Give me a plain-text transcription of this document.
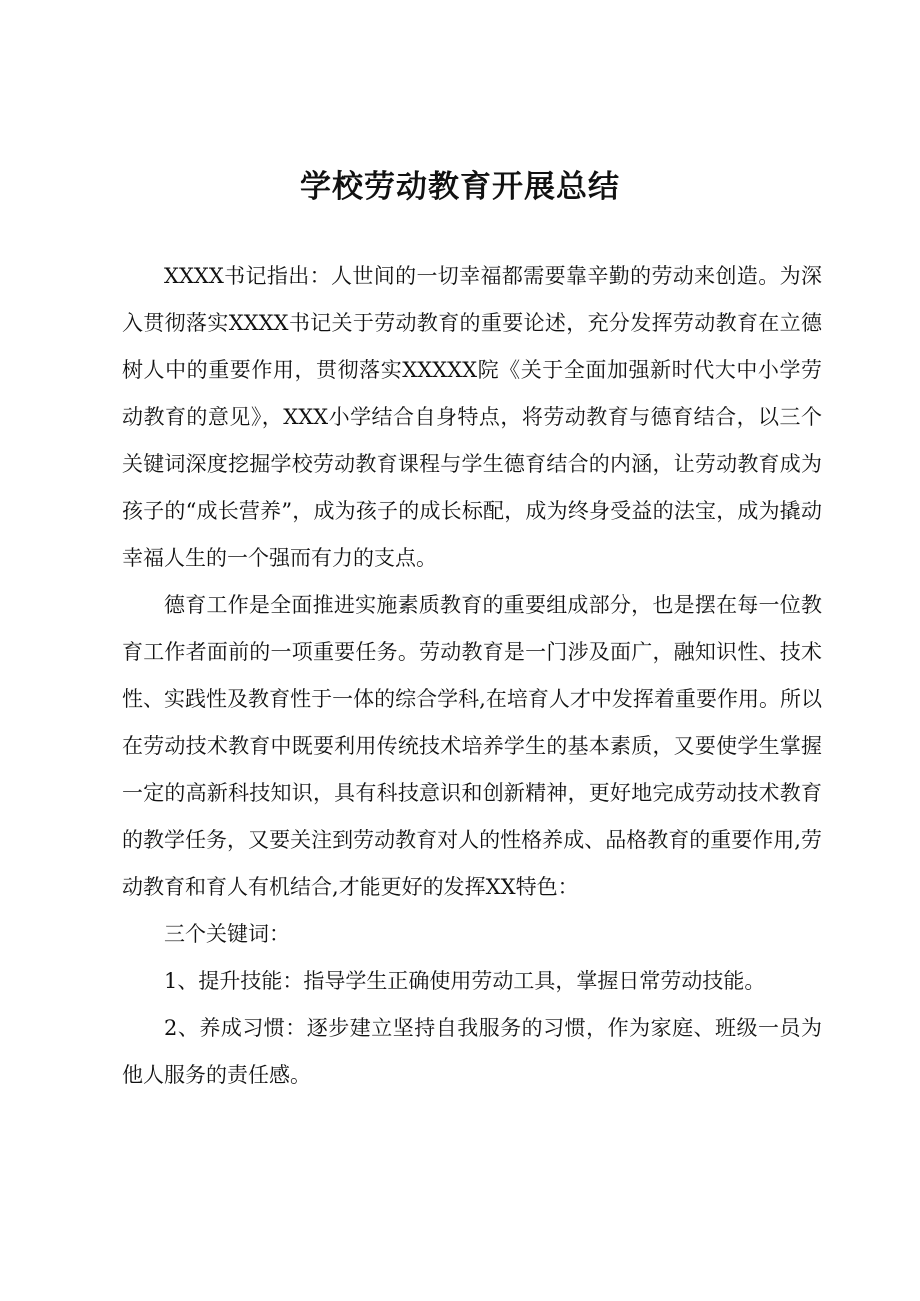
学校劳动教育开展总结

XXXX书记指出：人世间的一切幸福都需要靠辛勤的劳动来创造。为深入贯彻落实XXXX书记关于劳动教育的重要论述，充分发挥劳动教育在立德树人中的重要作用，贯彻落实XXXXX院《关于全面加强新时代大中小学劳动教育的意见》，XXX小学结合自身特点，将劳动教育与德育结合，以三个关键词深度挖掘学校劳动教育课程与学生德育结合的内涵，让劳动教育成为孩子的“成长营养”，成为孩子的成长标配，成为终身受益的法宝，成为撬动幸福人生的一个强而有力的支点。

德育工作是全面推进实施素质教育的重要组成部分，也是摆在每一位教育工作者面前的一项重要任务。劳动教育是一门涉及面广，融知识性、技术性、实践性及教育性于一体的综合学科,在培育人才中发挥着重要作用。所以在劳动技术教育中既要利用传统技术培养学生的基本素质，又要使学生掌握一定的高新科技知识，具有科技意识和创新精神，更好地完成劳动技术教育的教学任务，又要关注到劳动教育对人的性格养成、品格教育的重要作用,劳动教育和育人有机结合,才能更好的发挥XX特色：

三个关键词：

1、提升技能：指导学生正确使用劳动工具，掌握日常劳动技能。

2、养成习惯：逐步建立坚持自我服务的习惯，作为家庭、班级一员为他人服务的责任感。
